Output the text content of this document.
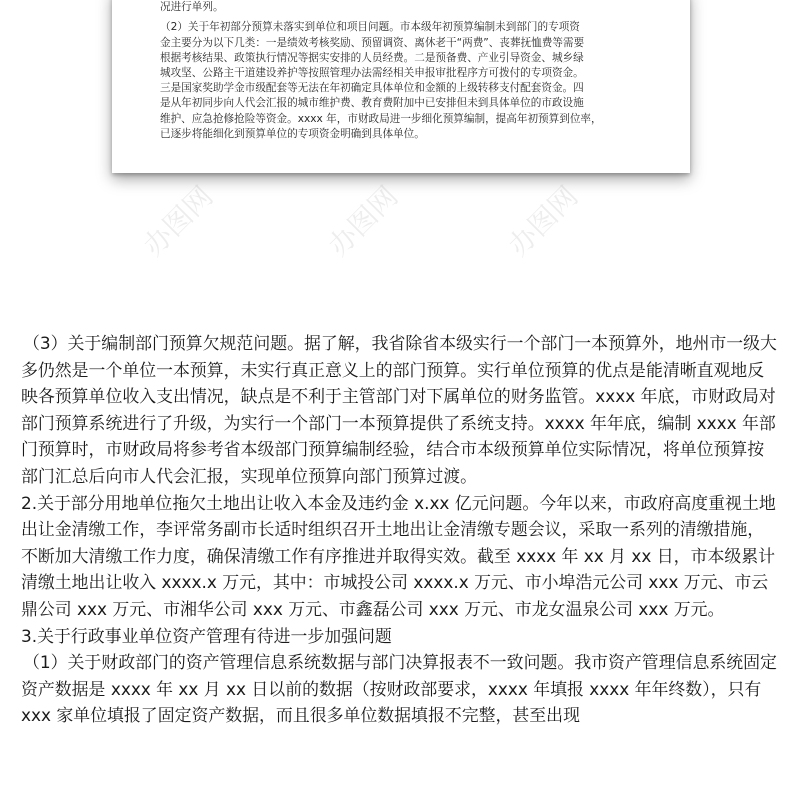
况进行单列。

（2）关于年初部分预算未落实到单位和项目问题。市本级年初预算编制未到部门的专项资
金主要分为以下几类：一是绩效考核奖励、预留调资、离休老干“两费”、丧葬抚恤费等需要
根据考核结果、政策执行情况等据实安排的人员经费。二是预备费、产业引导资金、城乡绿
城攻坚、公路主干道建设养护等按照管理办法需经相关申报审批程序方可拨付的专项资金。
三是国家奖助学金市级配套等无法在年初确定具体单位和金额的上级转移支付配套资金。四
是从年初同步向人代会汇报的城市维护费、教育费附加中已安排但未到具体单位的市政设施
维护、应急抢修抢险等资金。xxxx 年，市财政局进一步细化预算编制，提高年初预算到位率，
已逐步将能细化到预算单位的专项资金明确到具体单位。

办图网	办图网	办图网

（3）关于编制部门预算欠规范问题。据了解，我省除省本级实行一个部门一本预算外，地州市一级大多仍然是一个单位一本预算，未实行真正意义上的部门预算。实行单位预算的优点是能清晰直观地反映各预算单位收入支出情况，缺点是不利于主管部门对下属单位的财务监管。xxxx 年底，市财政局对部门预算系统进行了升级，为实行一个部门一本预算提供了系统支持。xxxx 年年底，编制 xxxx 年部门预算时，市财政局将参考省本级部门预算编制经验，结合市本级预算单位实际情况，将单位预算按部门汇总后向市人代会汇报，实现单位预算向部门预算过渡。

2.关于部分用地单位拖欠土地出让收入本金及违约金 x.xx 亿元问题。今年以来，市政府高度重视土地出让金清缴工作，李评常务副市长适时组织召开土地出让金清缴专题会议，采取一系列的清缴措施，不断加大清缴工作力度，确保清缴工作有序推进并取得实效。截至 xxxx 年 xx 月 xx 日，市本级累计清缴土地出让收入 xxxx.x 万元，其中：市城投公司 xxxx.x 万元、市小埠浩元公司 xxx 万元、市云鼎公司 xxx 万元、市湘华公司 xxx 万元、市鑫磊公司 xxx 万元、市龙女温泉公司 xxx 万元。

3.关于行政事业单位资产管理有待进一步加强问题

（1）关于财政部门的资产管理信息系统数据与部门决算报表不一致问题。我市资产管理信息系统固定资产数据是 xxxx 年 xx 月 xx 日以前的数据（按财政部要求，xxxx 年填报 xxxx 年年终数），只有 xxx 家单位填报了固定资产数据，而且很多单位数据填报不完整，甚至出现
